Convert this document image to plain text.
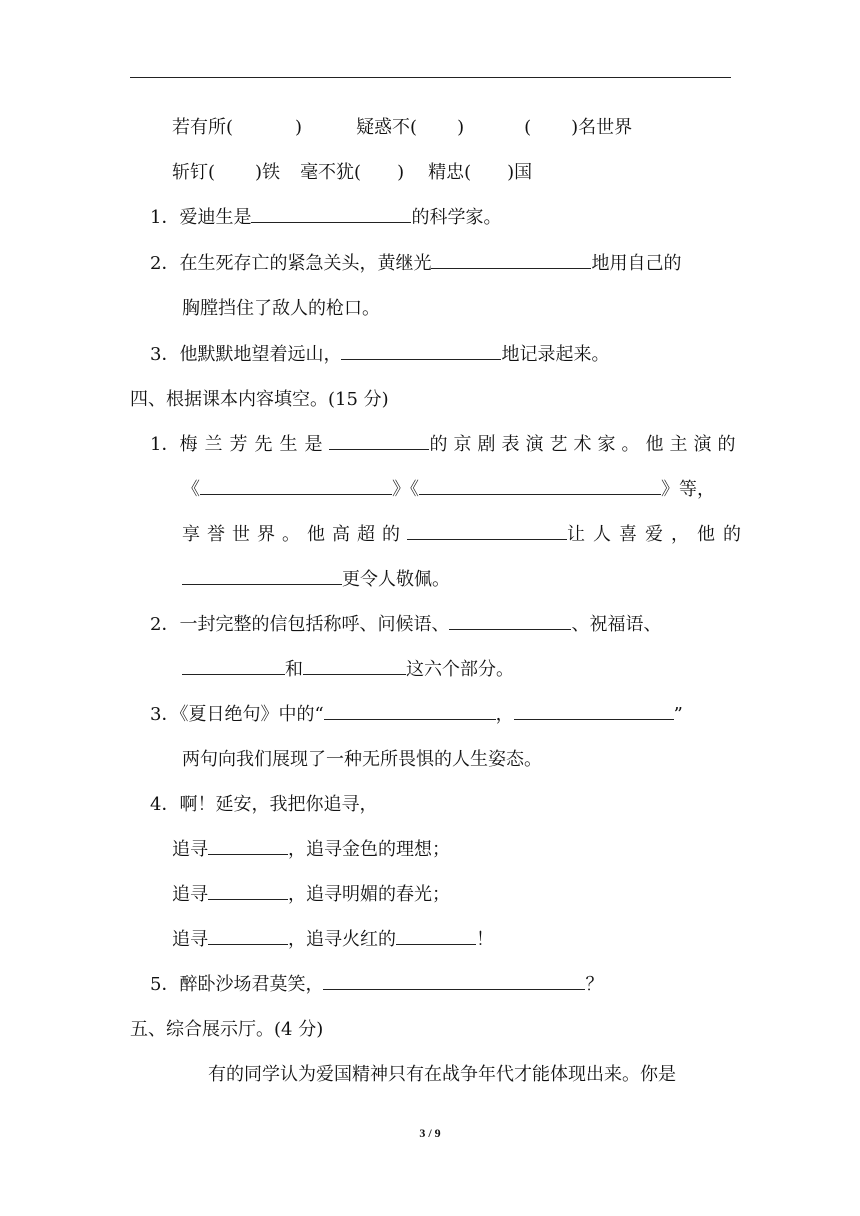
若有所(	)	疑惑不( )	( )名世界
斩钉( )铁 毫不犹( ) 精忠( )国
1．爱迪生是	的科学家。
2．在生死存亡的紧急关头，黄继光	地用自己的
胸膛挡住了敌人的枪口。
3．他默默地望着远山，	地记录起来。
四、根据课本内容填空。(15 分)
1．梅兰芳先生是	的京剧表演艺术家。他主演的
《	》《	》等，
享誉世界。他高超的	让人喜爱，他的
更令人敬佩。
2．一封完整的信包括称呼、问候语、	、祝福语、
和	这六个部分。
3．《夏日绝句》中的“	，	”
两句向我们展现了一种无所畏惧的人生姿态。
4．啊！延安，我把你追寻，
追寻	，追寻金色的理想；
追寻	，追寻明媚的春光；
追寻	，追寻火红的	！
5．醉卧沙场君莫笑，	？
五、综合展示厅。(4 分)
有的同学认为爱国精神只有在战争年代才能体现出来。你是
3 / 9
